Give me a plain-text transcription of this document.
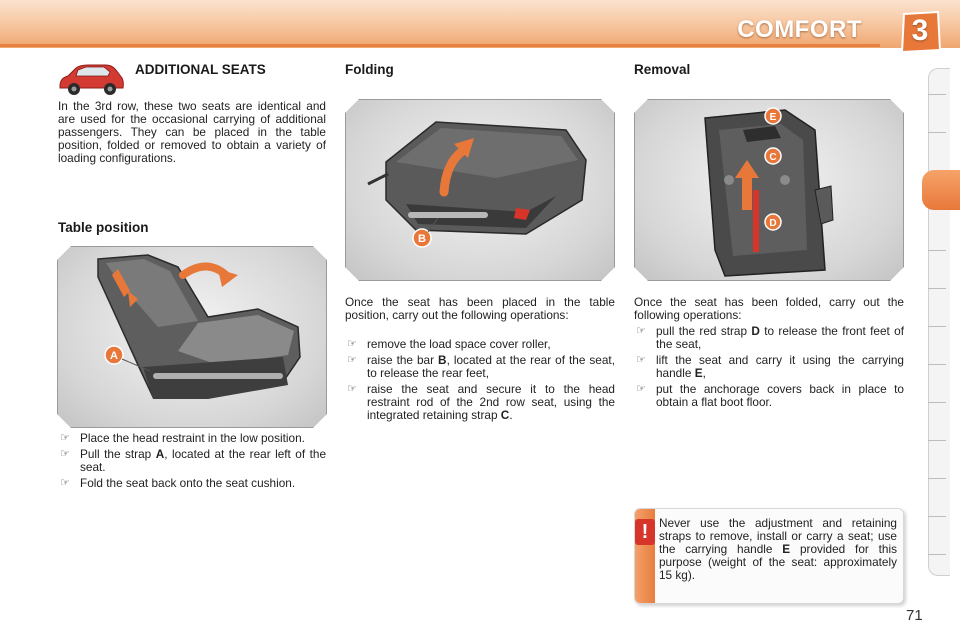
COMFORT	3
ADDITIONAL SEATS
In the 3rd row, these two seats are identical and are used for the occasional carrying of additional passengers. They can be placed in the table position, folded or removed to obtain a variety of loading configurations.
Table position
A
☞ Place the head restraint in the low position.
☞ Pull the strap A, located at the rear left of the seat.
☞ Fold the seat back onto the seat cushion.
Folding
B
Once the seat has been placed in the table position, carry out the following operations:
☞ remove the load space cover roller,
☞ raise the bar B, located at the rear of the seat, to release the rear feet,
☞ raise the seat and secure it to the head restraint rod of the 2nd row seat, using the integrated retaining strap C.
Removal
E
C
D
Once the seat has been folded, carry out the following operations:
☞ pull the red strap D to release the front feet of the seat,
☞ lift the seat and carry it using the carrying handle E,
☞ put the anchorage covers back in place to obtain a flat boot floor.
! Never use the adjustment and retaining straps to remove, install or carry a seat; use the carrying handle E provided for this purpose (weight of the seat: approximately 15 kg).
71
